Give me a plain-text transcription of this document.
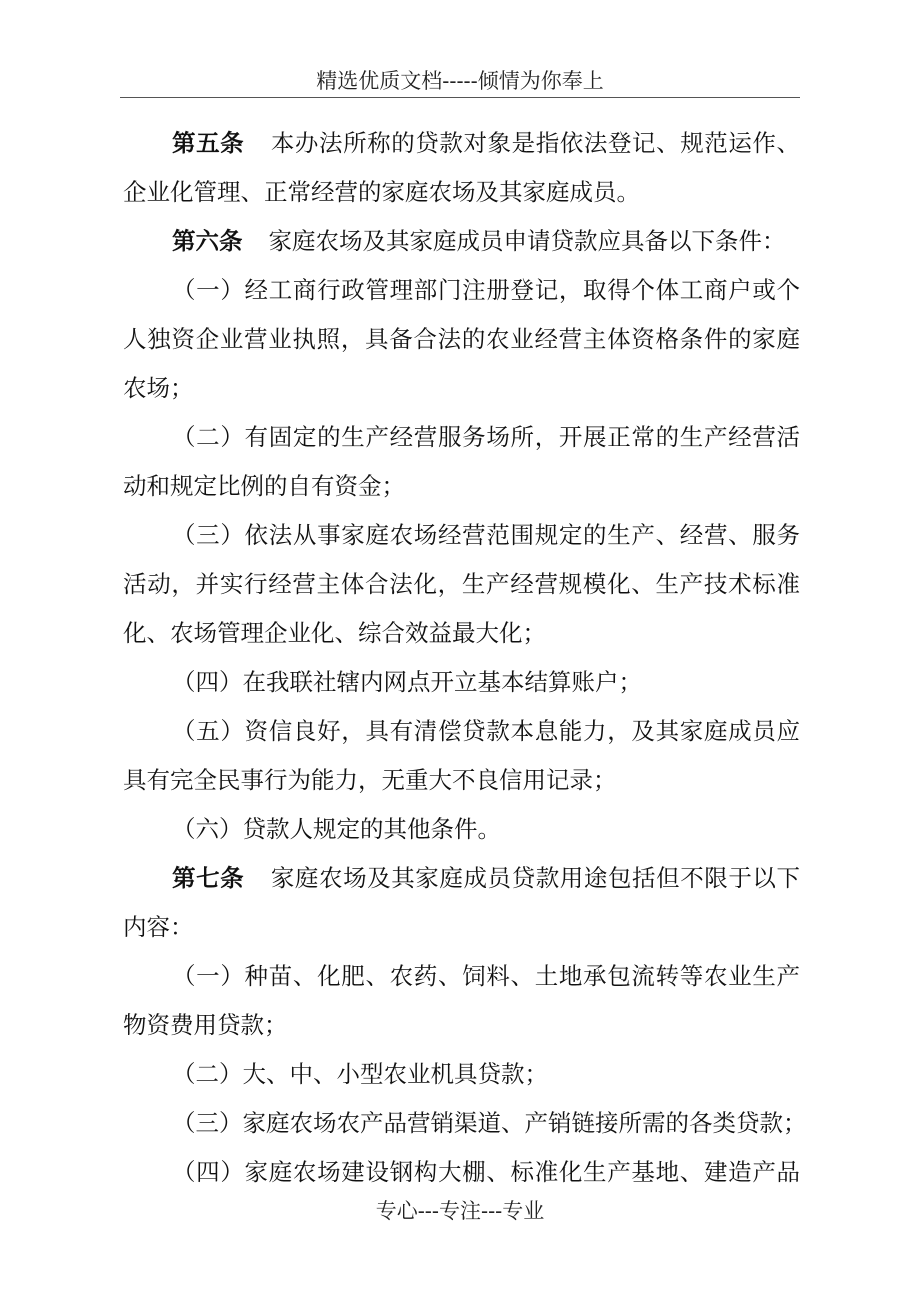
精选优质文档-----倾情为你奉上
第五条 本办法所称的贷款对象是指依法登记、规范运作、
企业化管理、正常经营的家庭农场及其家庭成员。
第六条 家庭农场及其家庭成员申请贷款应具备以下条件：
（一）经工商行政管理部门注册登记，取得个体工商户或个
人独资企业营业执照，具备合法的农业经营主体资格条件的家庭
农场；
（二）有固定的生产经营服务场所，开展正常的生产经营活
动和规定比例的自有资金；
（三）依法从事家庭农场经营范围规定的生产、经营、服务
活动，并实行经营主体合法化，生产经营规模化、生产技术标准
化、农场管理企业化、综合效益最大化；
（四）在我联社辖内网点开立基本结算账户；
（五）资信良好，具有清偿贷款本息能力，及其家庭成员应
具有完全民事行为能力，无重大不良信用记录；
（六）贷款人规定的其他条件。
第七条 家庭农场及其家庭成员贷款用途包括但不限于以下
内容：
（一）种苗、化肥、农药、饲料、土地承包流转等农业生产
物资费用贷款；
（二）大、中、小型农业机具贷款；
（三）家庭农场农产品营销渠道、产销链接所需的各类贷款；
（四）家庭农场建设钢构大棚、标准化生产基地、建造产品
专心---专注---专业
